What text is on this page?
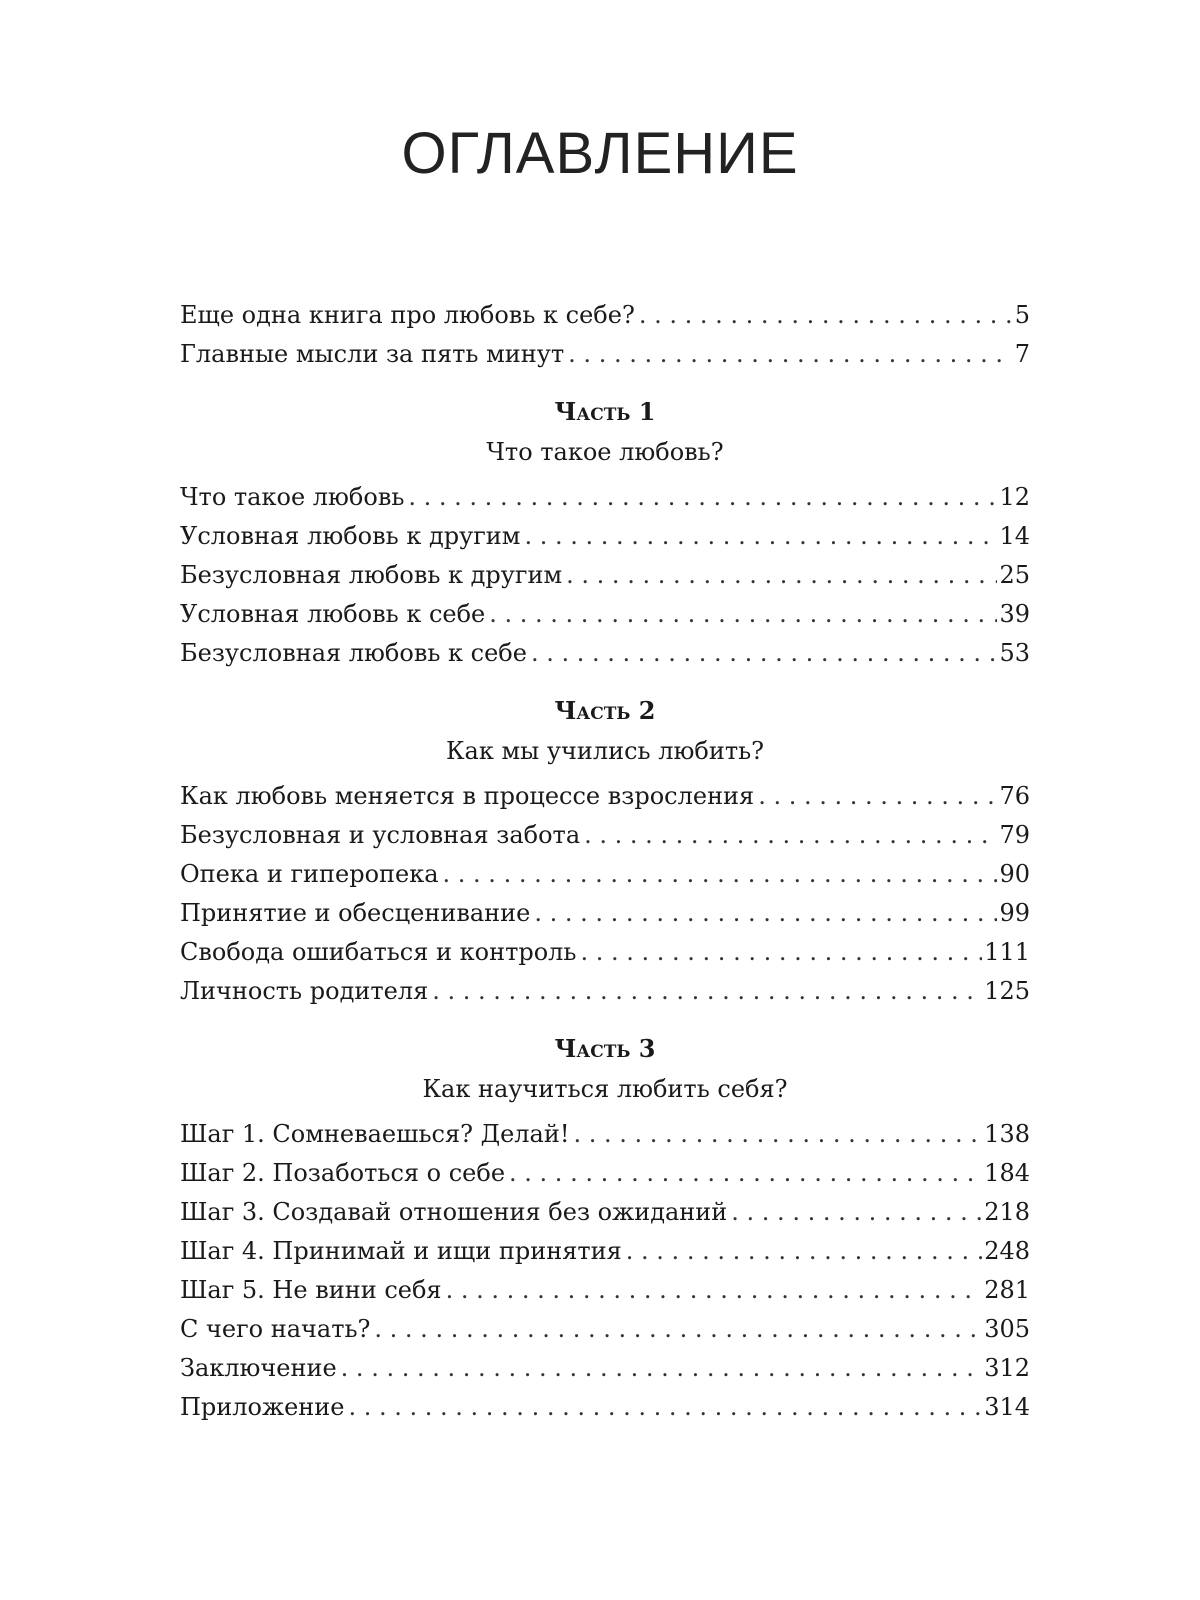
ОГЛАВЛЕНИЕ
Еще одна книга про любовь к себе? . . .	5
Главные мысли за пять минут . . .	7
Часть 1
Что такое любовь?
Что такое любовь . . .	12
Условная любовь к другим . . .	14
Безусловная любовь к другим . . .	25
Условная любовь к себе . . .	39
Безусловная любовь к себе . . .	53
Часть 2
Как мы учились любить?
Как любовь меняется в процессе взросления . . .	76
Безусловная и условная забота . . .	79
Опека и гиперопека . . .	90
Принятие и обесценивание . . .	99
Свобода ошибаться и контроль . . .	111
Личность родителя . . .	125
Часть 3
Как научиться любить себя?
Шаг 1. Сомневаешься? Делай! . . .	138
Шаг 2. Позаботься о себе . . .	184
Шаг 3. Создавай отношения без ожиданий . . .	218
Шаг 4. Принимай и ищи принятия . . .	248
Шаг 5. Не вини себя . . .	281
С чего начать? . . .	305
Заключение . . .	312
Приложение . . .	314
